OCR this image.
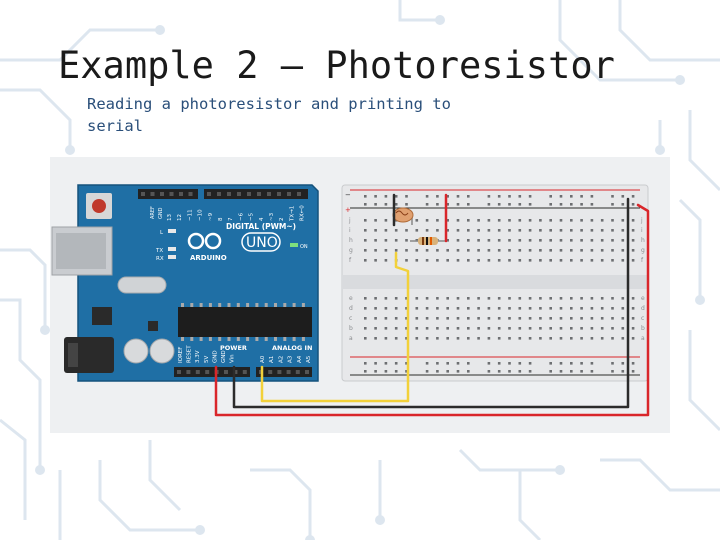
Example 2 – Photoresistor
Reading a photoresistor and printing to serial
DIGITAL (PWM~)
13 12 ~11 ~10 ~9 8 7 ~6 ~5 4 ~3 2 TX→1 RX←0
AREF GND
L
TX
RX
UNO
ARDUINO
ON
POWER	ANALOG IN
IOREF RESET 3.3V 5V GND GND Vin	A0 A1 A2 A3 A4 A5
+
−
j	j
i	i
h	h
g	g
f	f
e	e
d	d
c	c
b	b
a	a
